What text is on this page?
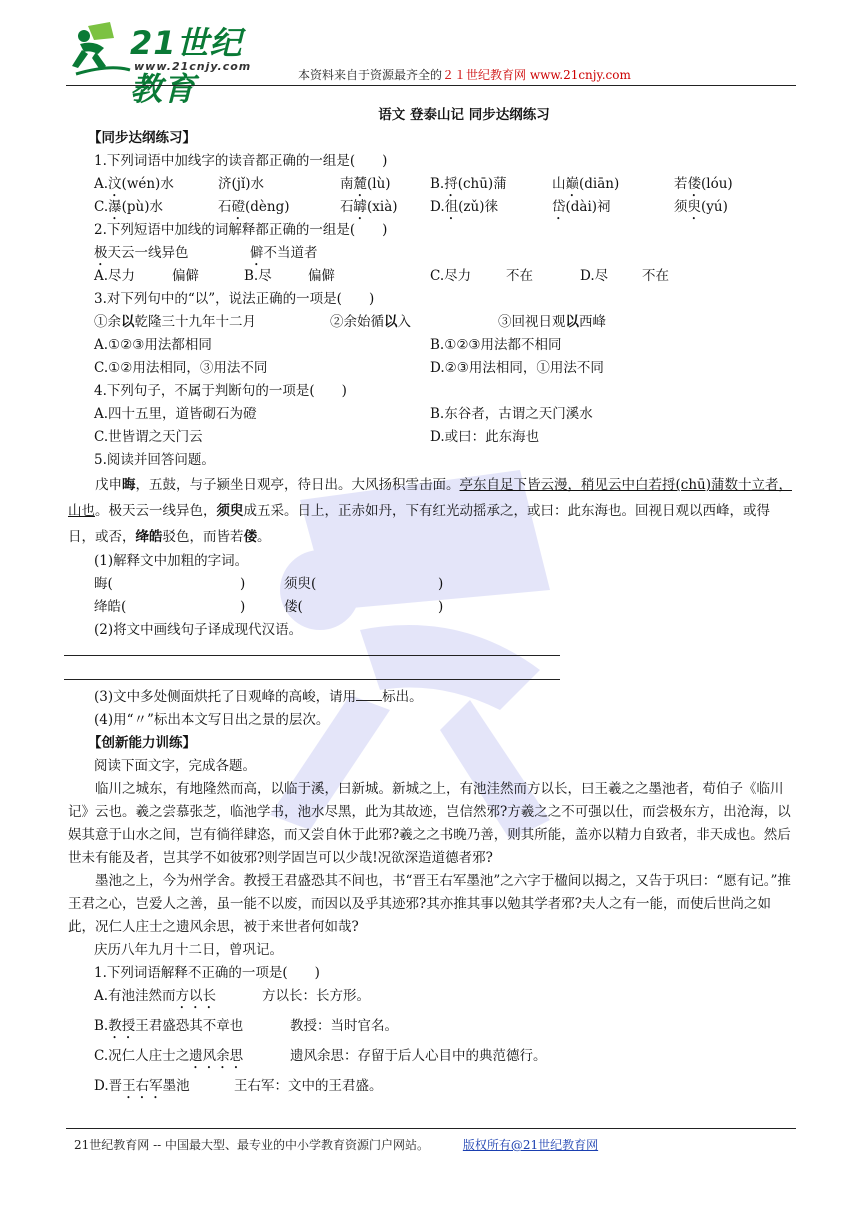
21世纪教育
www.21cnjy.com
本资料来自于资源最齐全的２１世纪教育网 www.21cnjy.com
语文 登泰山记 同步达纲练习
【同步达纲练习】
1.下列词语中加线字的读音都正确的一组是(　　)
A.汶(wén)水	济(jǐ)水	南麓(lù)	B.捋(chū)蒲	山巅(diān)	若偻(lóu)
C.瀑(pù)水	石磴(dèng)	石罅(xià) D.徂(zǔ)徕	岱(dài)祠	须臾(yú)
2.下列短语中加线的词解释都正确的一组是(　　)
极天云一线异色	僻不当道者
A.尽力	偏僻	B.尽	偏僻	C.尽力	不在	D.尽	不在
3.对下列句中的“以”，说法正确的一项是(　　)
①余以乾隆三十九年十二月	②余始循以入	③回视日观以西峰
A.①②③用法都相同	B.①②③用法都不相同
C.①②用法相同，③用法不同	D.②③用法相同，①用法不同
4.下列句子，不属于判断句的一项是(　　)
A.四十五里，道皆砌石为磴	B.东谷者，古谓之天门溪水
C.世皆谓之天门云	D.或曰：此东海也
5.阅读并回答问题。
戊申晦，五鼓，与子颍坐日观亭，待日出。大风扬积雪击面。亭东自足下皆云漫，稍见云中白若捋(chū)蒲数十立者，山也。极天云一线异色，须臾成五采。日上，正赤如丹，下有红光动摇承之，或曰：此东海也。回视日观以西峰，或得日，或否，绛皓驳色，而皆若偻。
(1)解释文中加粗的字词。
晦(	)	须臾(	)
绛皓(	)	偻(	)
(2)将文中画线句子译成现代汉语。
(3)文中多处侧面烘托了日观峰的高峻，请用 标出。
(4)用“〃”标出本文写日出之景的层次。
【创新能力训练】
阅读下面文字，完成各题。
临川之城东，有地隆然而高，以临于溪，曰新城。新城之上，有池洼然而方以长，曰王羲之之墨池者，荀伯子《临川记》云也。羲之尝慕张芝，临池学书，池水尽黑，此为其故迹，岂信然邪?方羲之之不可强以仕，而尝极东方，出沧海，以娱其意于山水之间，岂有徜徉肆恣，而又尝自休于此邪?羲之之书晚乃善，则其所能，盖亦以精力自致者，非天成也。然后世未有能及者，岂其学不如彼邪?则学固岂可以少哉!况欲深造道德者邪?
墨池之上，今为州学舍。教授王君盛恐其不间也，书“晋王右军墨池”之六字于楹间以揭之，又告于巩曰：“愿有记。”推王君之心，岂爱人之善，虽一能不以废，而因以及乎其迹邪?其亦推其事以勉其学者邪?夫人之有一能，而使后世尚之如此，况仁人庄士之遗风余思，被于来世者何如哉?
庆历八年九月十二日，曾巩记。
1.下列词语解释不正确的一项是(　　)
A.有池洼然而方以长	方以长：长方形。
B.教授王君盛恐其不章也	教授：当时官名。
C.况仁人庄士之遗风余思	遗风余思：存留于后人心目中的典范德行。
D.晋王右军墨池	王右军：文中的王君盛。
21世纪教育网 -- 中国最大型、最专业的中小学教育资源门户网站。	版权所有@21世纪教育网
